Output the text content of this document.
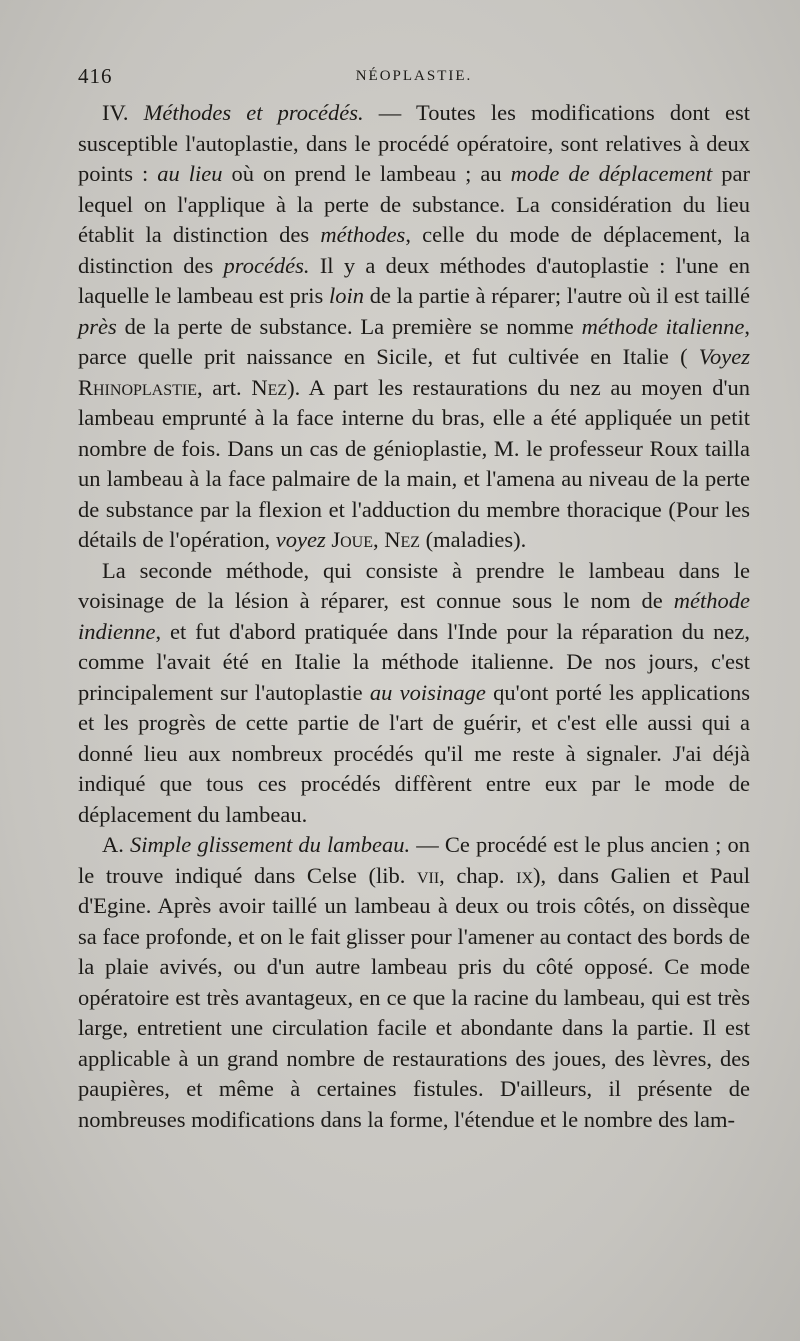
416	NÉOPLASTIE.

IV. Méthodes et procédés. — Toutes les modifications dont est susceptible l'autoplastie, dans le procédé opératoire, sont relatives à deux points : au lieu où on prend le lambeau ; au mode de déplacement par lequel on l'applique à la perte de substance. La considération du lieu établit la distinction des méthodes, celle du mode de déplacement, la distinction des procédés. Il y a deux méthodes d'autoplastie : l'une en laquelle le lambeau est pris loin de la partie à réparer; l'autre où il est taillé près de la perte de substance. La première se nomme méthode italienne, parce quelle prit naissance en Sicile, et fut cultivée en Italie ( Voyez Rhinoplastie, art. Nez). A part les restaurations du nez au moyen d'un lambeau emprunté à la face interne du bras, elle a été appliquée un petit nombre de fois. Dans un cas de génioplastie, M. le professeur Roux tailla un lambeau à la face palmaire de la main, et l'amena au niveau de la perte de substance par la flexion et l'adduction du membre thoracique (Pour les détails de l'opération, voyez Joue, Nez (maladies).

La seconde méthode, qui consiste à prendre le lambeau dans le voisinage de la lésion à réparer, est connue sous le nom de méthode indienne, et fut d'abord pratiquée dans l'Inde pour la réparation du nez, comme l'avait été en Italie la méthode italienne. De nos jours, c'est principalement sur l'autoplastie au voisinage qu'ont porté les applications et les progrès de cette partie de l'art de guérir, et c'est elle aussi qui a donné lieu aux nombreux procédés qu'il me reste à signaler. J'ai déjà indiqué que tous ces procédés diffèrent entre eux par le mode de déplacement du lambeau.

A. Simple glissement du lambeau. — Ce procédé est le plus ancien ; on le trouve indiqué dans Celse (lib. vii, chap. ix), dans Galien et Paul d'Egine. Après avoir taillé un lambeau à deux ou trois côtés, on dissèque sa face profonde, et on le fait glisser pour l'amener au contact des bords de la plaie avivés, ou d'un autre lambeau pris du côté opposé. Ce mode opératoire est très avantageux, en ce que la racine du lambeau, qui est très large, entretient une circulation facile et abondante dans la partie. Il est applicable à un grand nombre de restaurations des joues, des lèvres, des paupières, et même à certaines fistules. D'ailleurs, il présente de nombreuses modifications dans la forme, l'étendue et le nombre des lam-
